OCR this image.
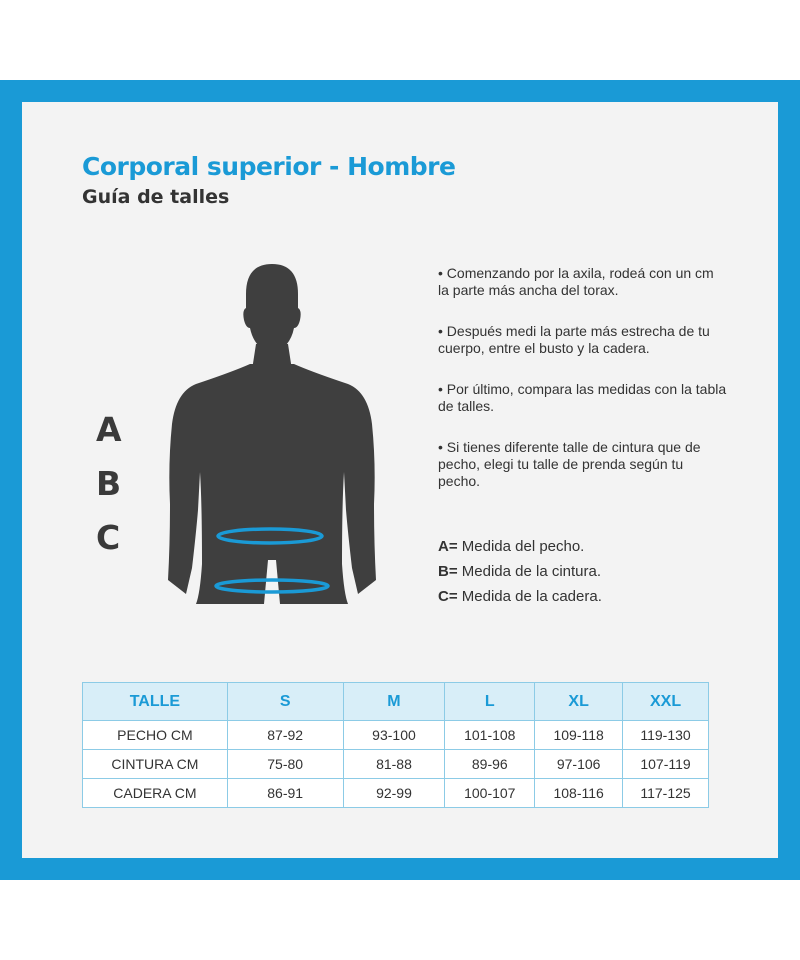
Corporal superior - Hombre
Guía de talles
A
B
C

• Comenzando por la axila, rodeá con un cm la parte más ancha del torax.

• Después medi la parte más estrecha de tu cuerpo, entre el busto y la cadera.

• Por último, compara las medidas con la tabla de talles.

• Si tienes diferente talle de cintura que de pecho, elegi tu talle de prenda según tu pecho.

A= Medida del pecho.
B= Medida de la cintura.
C= Medida de la cadera.
TALLE	S	M	L	XL	XXL
PECHO CM	87-92	93-100	101-108	109-118	119-130
CINTURA CM	75-80	81-88	89-96	97-106	107-119
CADERA CM	86-91	92-99	100-107	108-116	117-125
